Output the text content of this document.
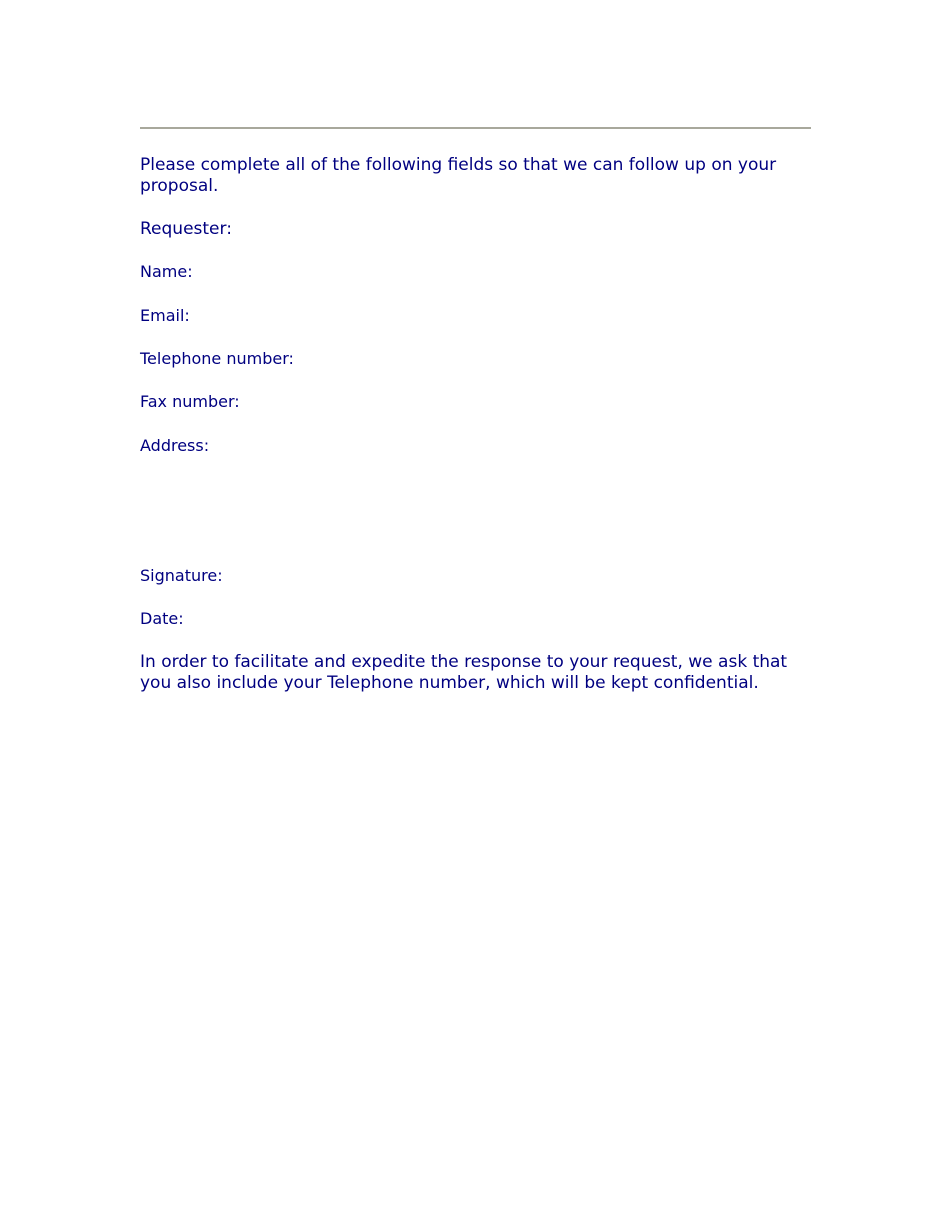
Please complete all of the following fields so that we can follow up on your proposal.

Requester:

Name:

Email:

Telephone number:

Fax number:

Address:

Signature:

Date:

In order to facilitate and expedite the response to your request, we ask that you also include your Telephone number, which will be kept confidential.
